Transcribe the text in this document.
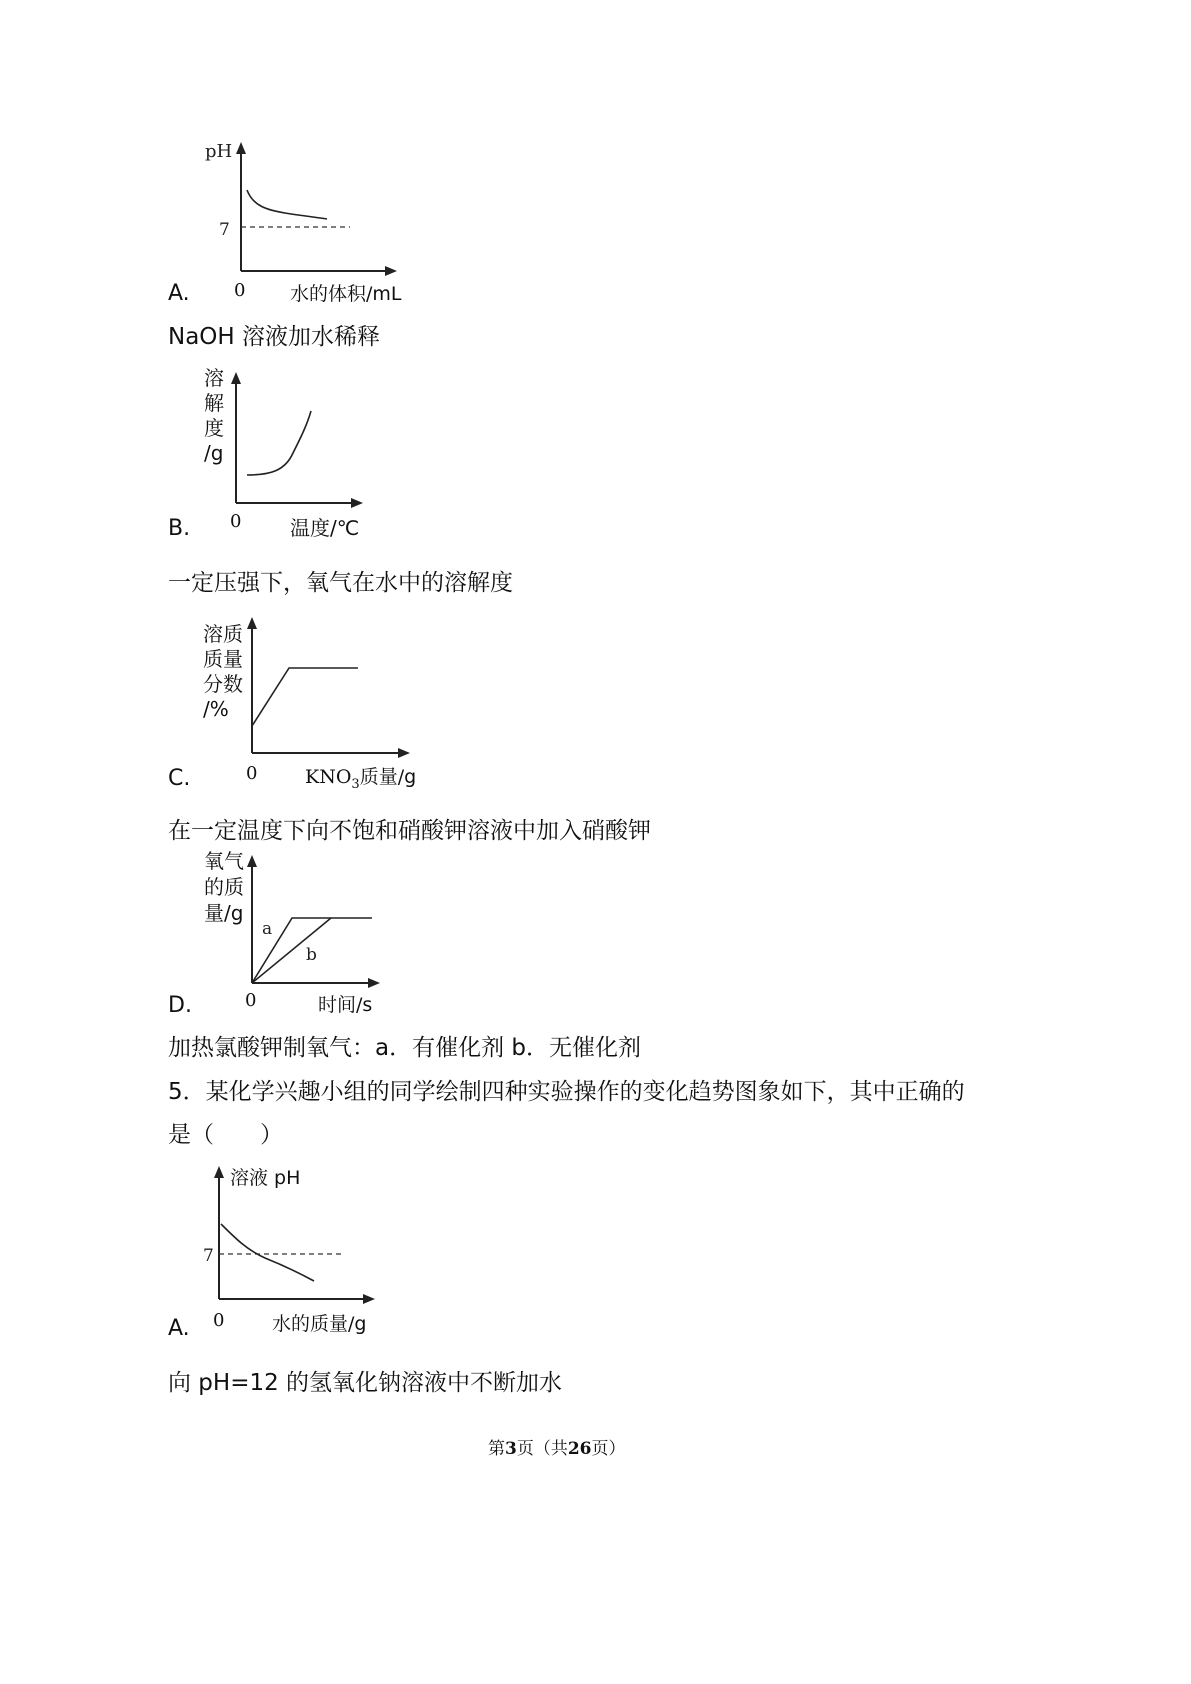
pH
7
A. 0 水的体积/mL
NaOH 溶液加水稀释
溶
解
度
/g
B. 0 温度/℃
一定压强下，氧气在水中的溶解度
溶质
质量
分数
/%
C.	0	$KNO_3$质量/g
在一定温度下向不饱和硝酸钾溶液中加入硝酸钾
a
b
氧气
的质
量/g
D.	0	时间/s
加热氯酸钾制氧气：a．有催化剂 b．无催化剂
5．某化学兴趣小组的同学绘制四种实验操作的变化趋势图象如下，其中正确的
是（　　）
7
溶液 pH
A. 0	水的质量/g
向 pH=12 的氢氧化钠溶液中不断加水
第3页（共26页）
